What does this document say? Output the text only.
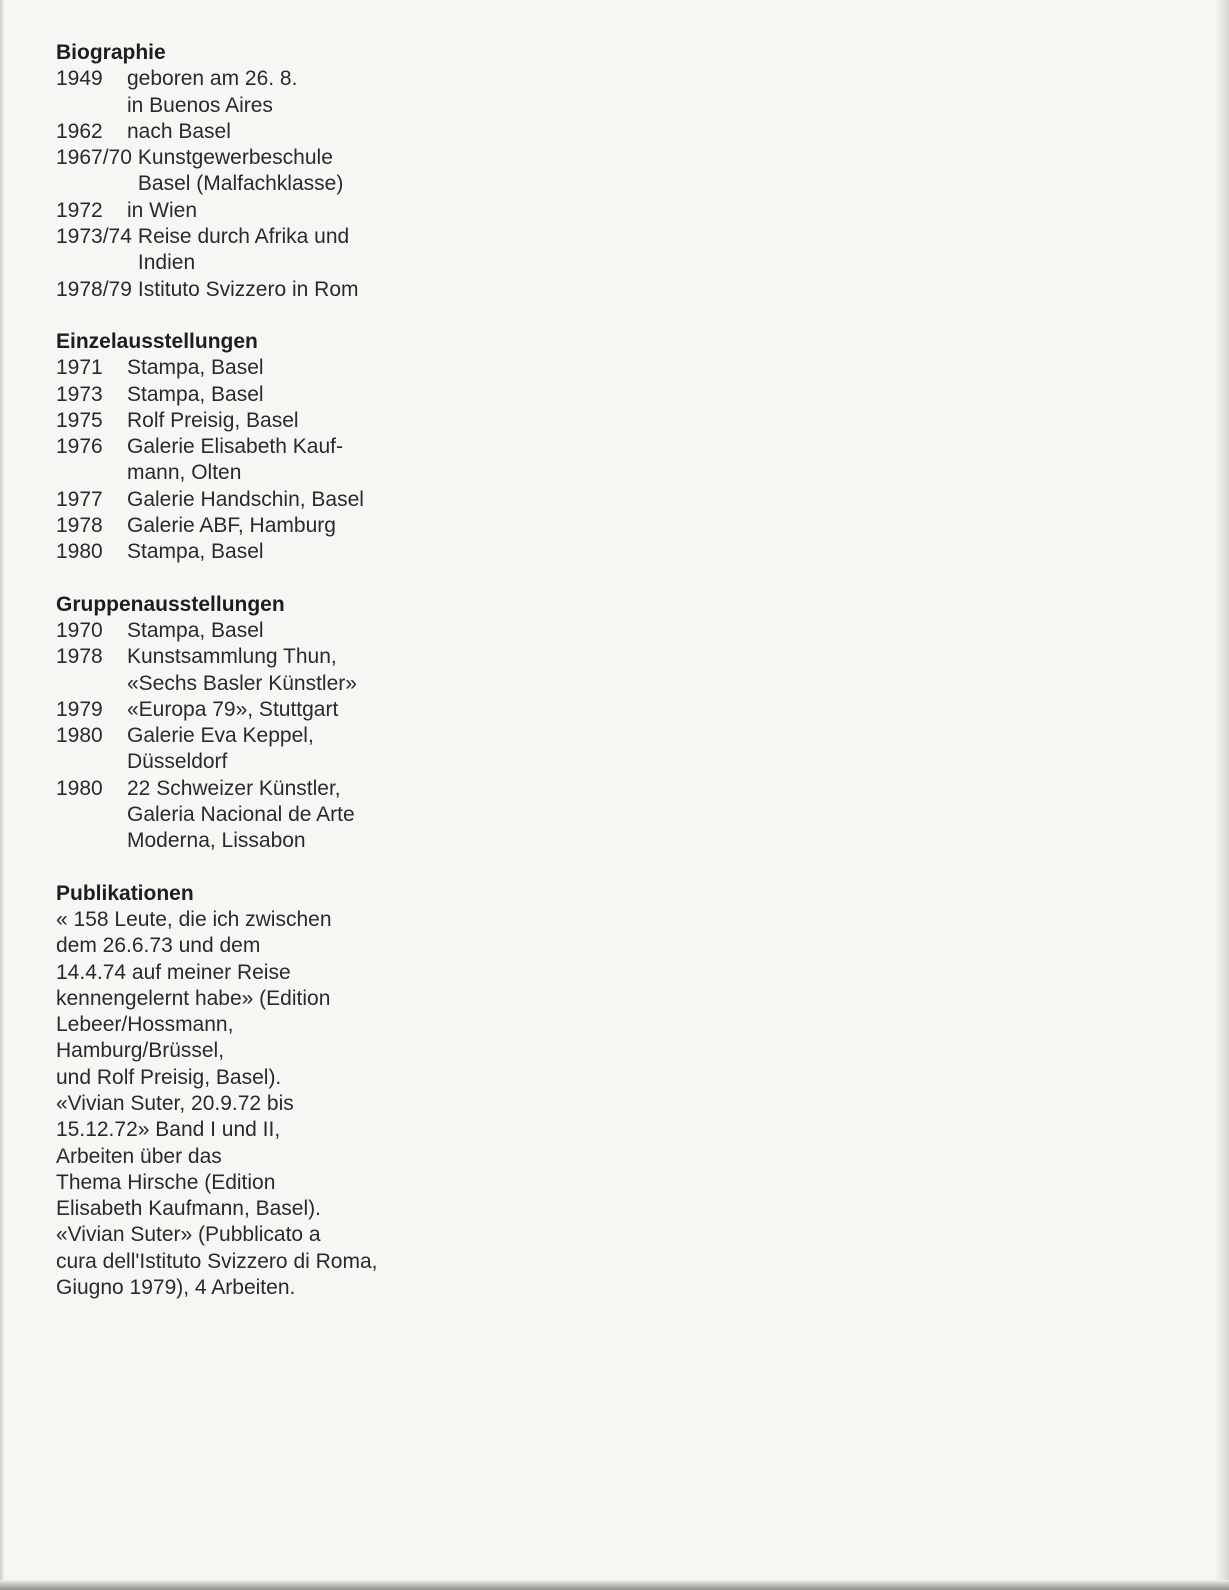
Biographie
1949	geboren am 26. 8.
in Buenos Aires
1962	nach Basel
1967/70 Kunstgewerbeschule
Basel (Malfachklasse)
1972	in Wien
1973/74 Reise durch Afrika und
Indien
1978/79 Istituto Svizzero in Rom
Einzelausstellungen
1971	Stampa, Basel
1973	Stampa, Basel
1975	Rolf Preisig, Basel
1976	Galerie Elisabeth Kauf-
mann, Olten
1977	Galerie Handschin, Basel
1978	Galerie ABF, Hamburg
1980	Stampa, Basel
Gruppenausstellungen
1970	Stampa, Basel
1978	Kunstsammlung Thun,
«Sechs Basler Künstler»
1979	«Europa 79», Stuttgart
1980	Galerie Eva Keppel,
Düsseldorf
1980	22 Schweizer Künstler,
Galeria Nacional de Arte
Moderna, Lissabon
Publikationen
« 158 Leute, die ich zwischen
dem 26.6.73 und dem
14.4.74 auf meiner Reise
kennengelernt habe» (Edition
Lebeer/Hossmann,
Hamburg/Brüssel,
und Rolf Preisig, Basel).
«Vivian Suter, 20.9.72 bis
15.12.72» Band I und II,
Arbeiten über das
Thema Hirsche (Edition
Elisabeth Kaufmann, Basel).
«Vivian Suter» (Pubblicato a
cura dell'Istituto Svizzero di Roma,
Giugno 1979), 4 Arbeiten.
